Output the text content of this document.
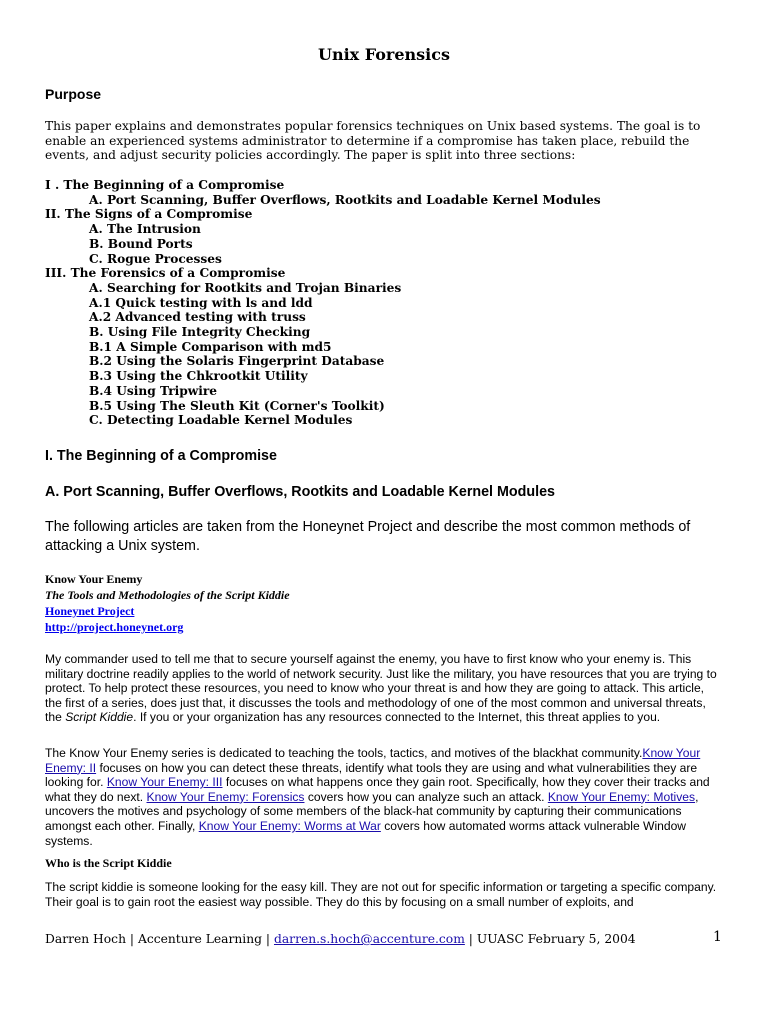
Unix Forensics
Purpose
This paper explains and demonstrates popular forensics techniques on Unix based systems. The goal is to enable an experienced systems administrator to determine if a compromise has taken place, rebuild the events, and adjust security policies accordingly. The paper is split into three sections:
I . The Beginning of a Compromise
A. Port Scanning, Buffer Overflows, Rootkits and Loadable Kernel Modules
II. The Signs of a Compromise
A. The Intrusion
B. Bound Ports
C. Rogue Processes
III. The Forensics of a Compromise
A. Searching for Rootkits and Trojan Binaries
A.1 Quick testing with ls and ldd
A.2 Advanced testing with truss
B. Using File Integrity Checking
B.1 A Simple Comparison with md5
B.2 Using the Solaris Fingerprint Database
B.3 Using the Chkrootkit Utility
B.4 Using Tripwire
B.5 Using The Sleuth Kit (Corner's Toolkit)
C. Detecting Loadable Kernel Modules
I. The Beginning of a Compromise
A. Port Scanning, Buffer Overflows, Rootkits and Loadable Kernel Modules
The following articles are taken from the Honeynet Project and describe the most common methods of attacking a Unix system.
Know Your Enemy
The Tools and Methodologies of the Script Kiddie
Honeynet Project
http://project.honeynet.org
My commander used to tell me that to secure yourself against the enemy, you have to first know who your enemy is. This military doctrine readily applies to the world of network security. Just like the military, you have resources that you are trying to protect. To help protect these resources, you need to know who your threat is and how they are going to attack. This article, the first of a series, does just that, it discusses the tools and methodology of one of the most common and universal threats, the Script Kiddie. If you or your organization has any resources connected to the Internet, this threat applies to you.
The Know Your Enemy series is dedicated to teaching the tools, tactics, and motives of the blackhat community.Know Your Enemy: II focuses on how you can detect these threats, identify what tools they are using and what vulnerabilities they are looking for. Know Your Enemy: III focuses on what happens once they gain root. Specifically, how they cover their tracks and what they do next. Know Your Enemy: Forensics covers how you can analyze such an attack. Know Your Enemy: Motives, uncovers the motives and psychology of some members of the black-hat community by capturing their communications amongst each other. Finally, Know Your Enemy: Worms at War covers how automated worms attack vulnerable Window systems.
Who is the Script Kiddie
The script kiddie is someone looking for the easy kill. They are not out for specific information or targeting a specific company. Their goal is to gain root the easiest way possible. They do this by focusing on a small number of exploits, and
Darren Hoch | Accenture Learning | darren.s.hoch@accenture.com | UUASC February 5, 2004	1
